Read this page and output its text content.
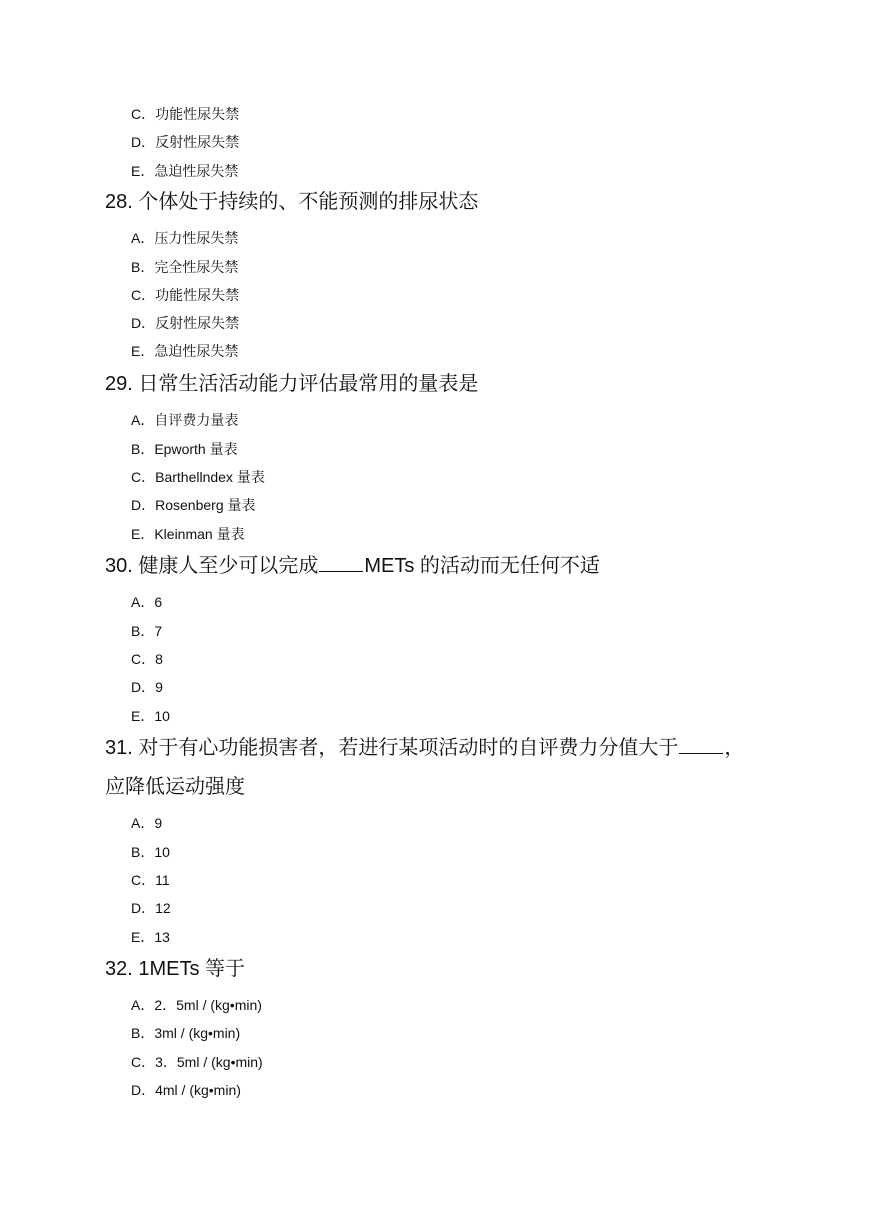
C．功能性尿失禁
D．反射性尿失禁
E．急迫性尿失禁
28. 个体处于持续的、不能预测的排尿状态
A．压力性尿失禁
B．完全性尿失禁
C．功能性尿失禁
D．反射性尿失禁
E．急迫性尿失禁
29. 日常生活活动能力评估最常用的量表是
A．自评费力量表
B．Epworth 量表
C．Barthellndex 量表
D．Rosenberg 量表
E．Kleinman 量表
30. 健康人至少可以完成 METs 的活动而无任何不适
A．6
B．7
C．8
D．9
E．10
31. 对于有心功能损害者，若进行某项活动时的自评费力分值大于 ，
应降低运动强度
A．9
B．10
C．11
D．12
E．13
32. 1METs 等于
A．2．5ml / (kg•min)
B．3ml / (kg•min)
C．3．5ml / (kg•min)
D．4ml / (kg•min)
